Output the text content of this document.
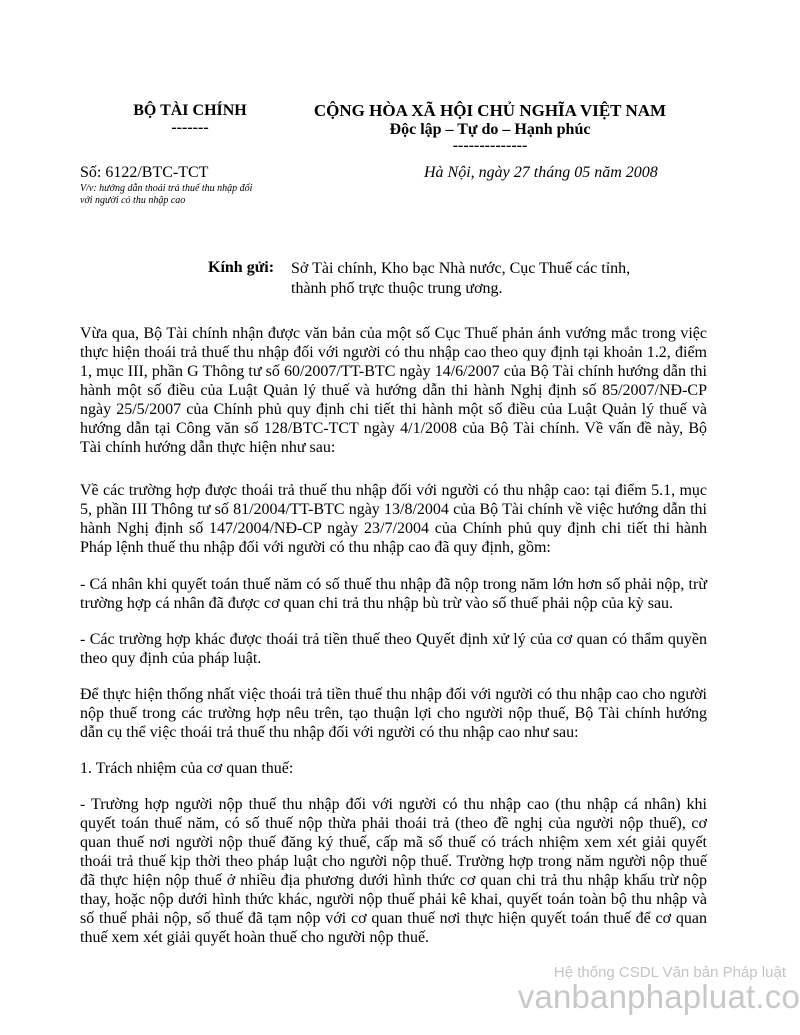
BỘ TÀI CHÍNH
-------
CỘNG HÒA XÃ HỘI CHỦ NGHĨA VIỆT NAM
Độc lập – Tự do – Hạnh phúc
--------------
Số: 6122/BTC-TCT
V/v: hướng dẫn thoái trả thuế thu nhập đối
với người có thu nhập cao
Hà Nội, ngày 27 tháng 05 năm 2008
Kính gửi: Sở Tài chính, Kho bạc Nhà nước, Cục Thuế các tỉnh,
thành phố trực thuộc trung ương.
Vừa qua, Bộ Tài chính nhận được văn bản của một số Cục Thuế phản ánh vướng mắc trong việc thực hiện thoái trả thuế thu nhập đối với người có thu nhập cao theo quy định tại khoản 1.2, điểm 1, mục III, phần G Thông tư số 60/2007/TT-BTC ngày 14/6/2007 của Bộ Tài chính hướng dẫn thi hành một số điều của Luật Quản lý thuế và hướng dẫn thi hành Nghị định số 85/2007/NĐ-CP ngày 25/5/2007 của Chính phủ quy định chi tiết thi hành một số điều của Luật Quản lý thuế và hướng dẫn tại Công văn số 128/BTC-TCT ngày 4/1/2008 của Bộ Tài chính. Về vấn đề này, Bộ Tài chính hướng dẫn thực hiện như sau:
Về các trường hợp được thoái trả thuế thu nhập đối với người có thu nhập cao: tại điểm 5.1, mục 5, phần III Thông tư số 81/2004/TT-BTC ngày 13/8/2004 của Bộ Tài chính về việc hướng dẫn thi hành Nghị định số 147/2004/NĐ-CP ngày 23/7/2004 của Chính phủ quy định chi tiết thi hành Pháp lệnh thuế thu nhập đối với người có thu nhập cao đã quy định, gồm:
- Cá nhân khi quyết toán thuế năm có số thuế thu nhập đã nộp trong năm lớn hơn số phải nộp, trừ trường hợp cá nhân đã được cơ quan chi trả thu nhập bù trừ vào số thuế phải nộp của kỳ sau.
- Các trường hợp khác được thoái trả tiền thuế theo Quyết định xử lý của cơ quan có thẩm quyền theo quy định của pháp luật.
Để thực hiện thống nhất việc thoái trả tiền thuế thu nhập đối với người có thu nhập cao cho người nộp thuế trong các trường hợp nêu trên, tạo thuận lợi cho người nộp thuế, Bộ Tài chính hướng dẫn cụ thể việc thoái trả thuế thu nhập đối với người có thu nhập cao như sau:
1. Trách nhiệm của cơ quan thuế:
- Trường hợp người nộp thuế thu nhập đối với người có thu nhập cao (thu nhập cá nhân) khi quyết toán thuế năm, có số thuế nộp thừa phải thoái trả (theo đề nghị của người nộp thuế), cơ quan thuế nơi người nộp thuế đăng ký thuế, cấp mã số thuế có trách nhiệm xem xét giải quyết thoái trả thuế kịp thời theo pháp luật cho người nộp thuế. Trường hợp trong năm người nộp thuế đã thực hiện nộp thuế ở nhiều địa phương dưới hình thức cơ quan chi trả thu nhập khấu trừ nộp thay, hoặc nộp dưới hình thức khác, người nộp thuế phải kê khai, quyết toán toàn bộ thu nhập và số thuế phải nộp, số thuế đã tạm nộp với cơ quan thuế nơi thực hiện quyết toán thuế để cơ quan thuế xem xét giải quyết hoàn thuế cho người nộp thuế.
Hệ thống CSDL Văn bản Pháp luật
vanbanphapluat.co
